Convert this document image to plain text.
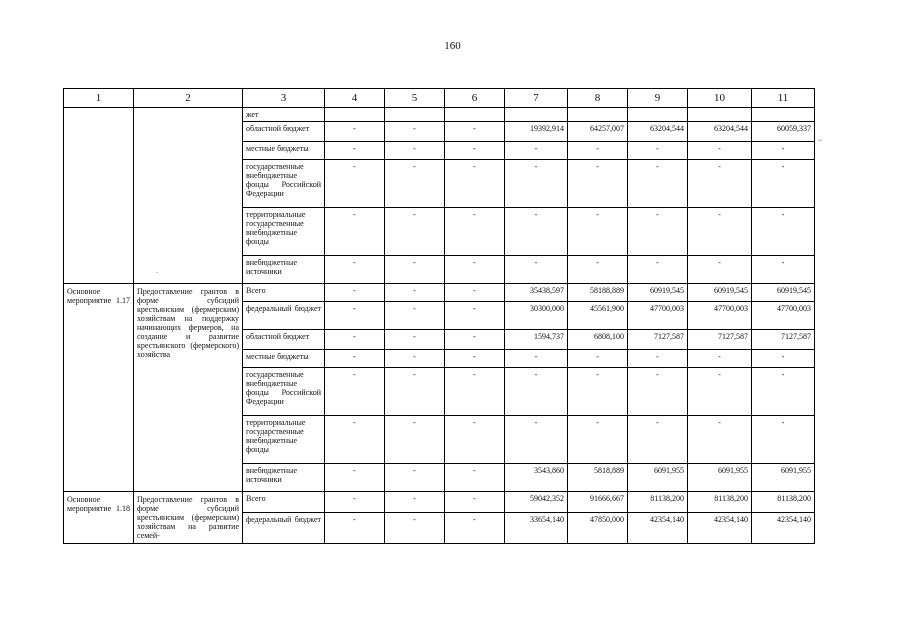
160
1	2	3	4	5	6	7	8	9	10	11
		жет								
		областной бюджет	-	-	-	19392,914	64257,007	63204,544	63204,544	60059,337
		местные бюджеты	-	-	-	-	-	-	-	-

		государственные внебюджетные фонды Российской Федерации	-	-	-	-	-	-	-	-
		территориальные государственные внебюджетные фонды	-	-	-	-	-	-	-	-
		внебюджетные источники	-	-	-	-	-	-	-	-
Основное мероприятие 1.17	Предоставление грантов в форме субсидий крестьянским (фермерским) хозяйствам на поддержку начинающих фермеров, на создание и развитие крестьянского (фермерского) хозяйства	Всего	-	-	-	35438,597	58188,889	60919,545	60919,545	60919,545
		федеральный бюджет	-	-	-	30300,000	45561,900	47700,003	47700,003	47700,003
		областной бюджет	-	-	-	1594,737	6808,100	7127,587	7127,587	7127,587
		местные бюджеты	-	-	-	-	-	-	-	-

		государственные внебюджетные фонды Российской Федерации	-	-	-	-	-	-	-	-
		территориальные государственные внебюджетные фонды	-	-	-	-	-	-	-	-
		внебюджетные источники	-	-	-	3543,860	5818,889	6091,955	6091,955	6091,955
Основное мероприятие 1.18	Предоставление грантов в форме субсидий крестьянским (фермерским) хозяйствам на развитие семей-	Всего	-	-	-	59042,352	91666,667	81138,200	81138,200	81138,200
		федеральный бюджет	-	-	-	33654,140	47850,000	42354,140	42354,140	42354,140
.
~
